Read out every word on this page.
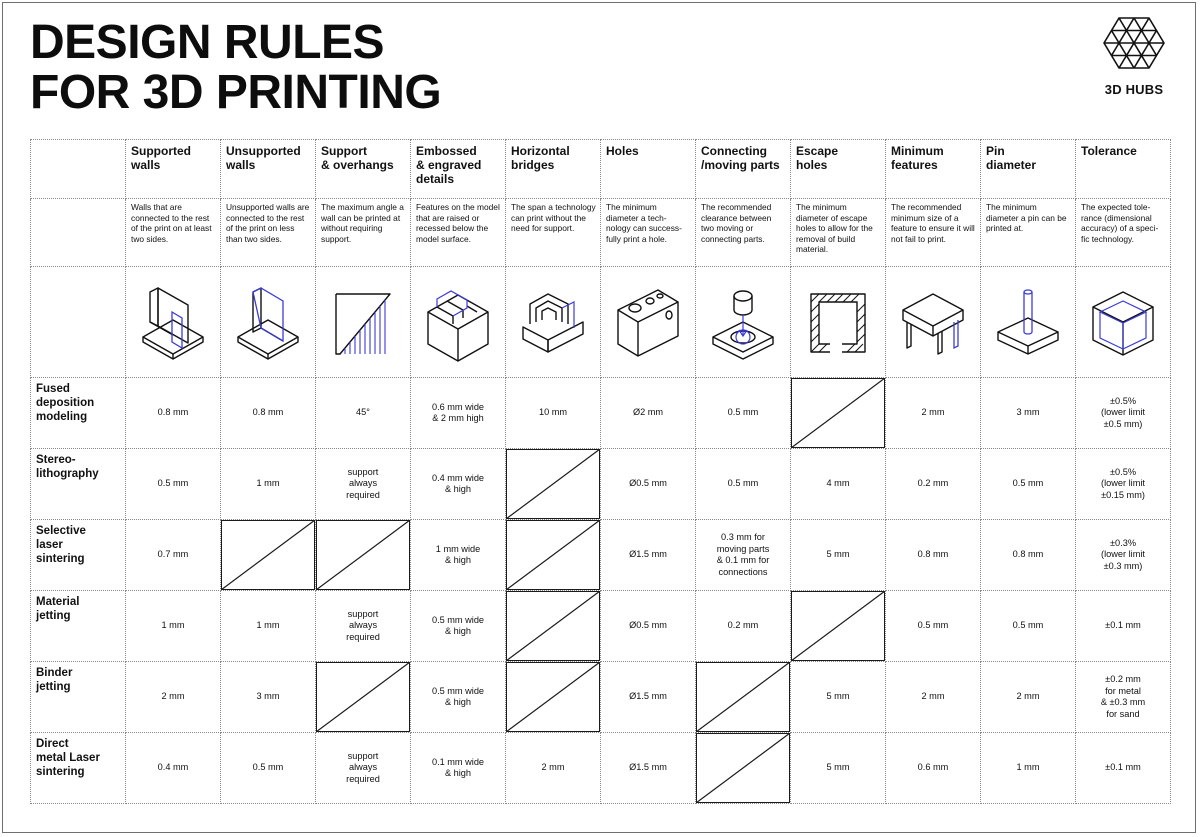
DESIGN RULES
FOR 3D PRINTING	3D HUBS

	Supported
walls	Unsupported
walls	Support
& overhangs	Embossed
& engraved
details	Horizontal
bridges	Holes	Connecting
/moving parts	Escape
holes	Minimum
features	Pin
diameter	Tolerance

	Walls that are connected to the rest of the print on at least two sides.	Unsupported walls are connected to the rest of the print on less than two sides.	The maximum angle a wall can be printed at without requiring support.	Features on the model that are raised or recessed below the model surface.	The span a technology can print without the need for support.	The minimum diameter a tech-nology can success-fully print a hole.	The recommended clearance between two moving or connecting parts.	The minimum diameter of escape holes to allow for the removal of build material.	The recommended minimum size of a feature to ensure it will not fail to print.	The minimum diameter a pin can be printed at.	The expected tole-rance (dimensional accuracy) of a speci-fic technology.

Fused
deposition
modeling	0.8 mm	0.8 mm	45°	0.6 mm wide
& 2 mm high	10 mm	Ø2 mm	0.5 mm		2 mm	3 mm	±0.5%
(lower limit
±0.5 mm)

Stereo-
lithography	0.5 mm	1 mm	support
always
required	0.4 mm wide
& high		Ø0.5 mm	0.5 mm	4 mm	0.2 mm	0.5 mm	±0.5%
(lower limit
±0.15 mm)

Selective
laser
sintering	0.7 mm			1 mm wide
& high		Ø1.5 mm	0.3 mm for
moving parts
& 0.1 mm for
connections	5 mm	0.8 mm	0.8 mm	±0.3%
(lower limit
±0.3 mm)

Material
jetting	1 mm	1 mm	support
always
required	0.5 mm wide
& high		Ø0.5 mm	0.2 mm		0.5 mm	0.5 mm	±0.1 mm

Binder
jetting	2 mm	3 mm		0.5 mm wide
& high		Ø1.5 mm		5 mm	2 mm	2 mm	±0.2 mm
for metal
& ±0.3 mm
for sand

Direct
metal Laser
sintering	0.4 mm	0.5 mm	support
always
required	0.1 mm wide
& high	2 mm	Ø1.5 mm		5 mm	0.6 mm	1 mm	±0.1 mm
